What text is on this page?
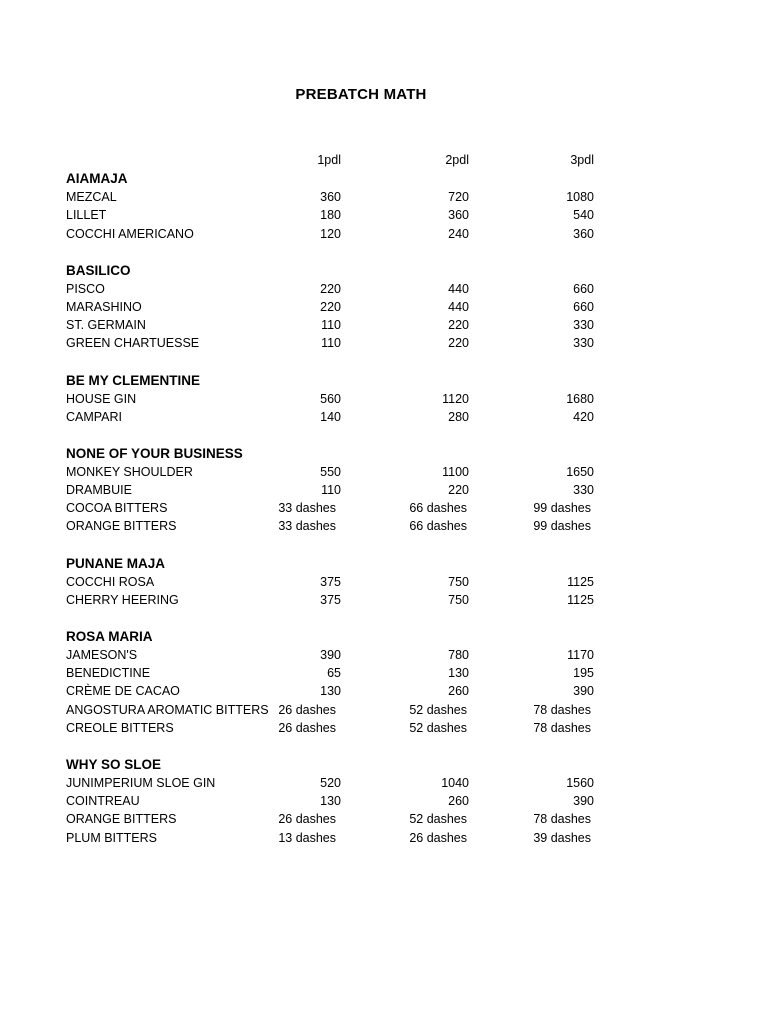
PREBATCH MATH
1pdl	2pdl	3pdl
AIAMAJA
MEZCAL	360	720	1080
LILLET	180	360	540
COCCHI AMERICANO	120	240	360
BASILICO
PISCO	220	440	660
MARASHINO	220	440	660
ST. GERMAIN	110	220	330
GREEN CHARTUESSE	110	220	330
BE MY CLEMENTINE
HOUSE GIN	560	1120	1680
CAMPARI	140	280	420
NONE OF YOUR BUSINESS
MONKEY SHOULDER	550	1100	1650
DRAMBUIE	110	220	330
COCOA BITTERS	33 dashes	66 dashes	99 dashes
ORANGE BITTERS	33 dashes	66 dashes	99 dashes
PUNANE MAJA
COCCHI ROSA	375	750	1125
CHERRY HEERING	375	750	1125
ROSA MARIA
JAMESON'S	390	780	1170
BENEDICTINE	65	130	195
CRÈME DE CACAO	130	260	390
ANGOSTURA AROMATIC BITTERS 26 dashes	52 dashes	78 dashes
CREOLE BITTERS	26 dashes	52 dashes	78 dashes
WHY SO SLOE
JUNIMPERIUM SLOE GIN	520	1040	1560
COINTREAU	130	260	390
ORANGE BITTERS	26 dashes	52 dashes	78 dashes
PLUM BITTERS	13 dashes	26 dashes	39 dashes
